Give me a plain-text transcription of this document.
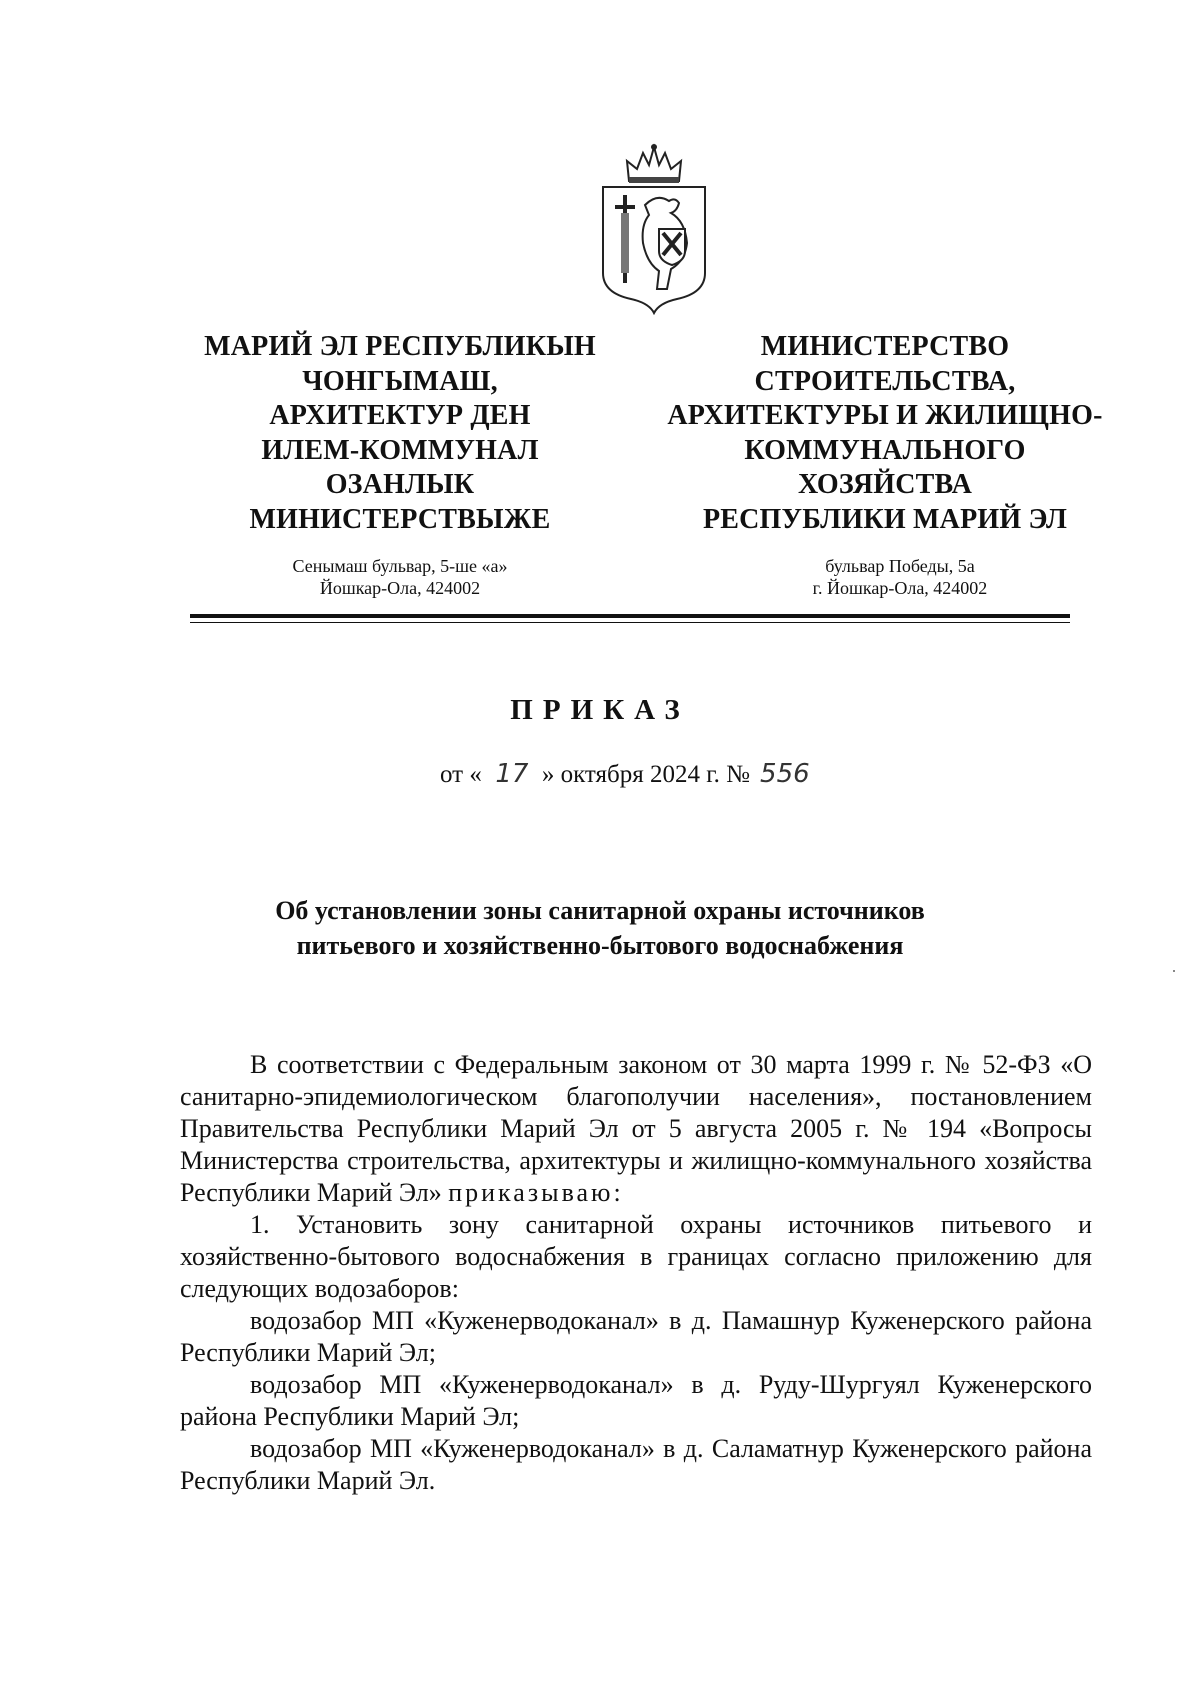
МАРИЙ ЭЛ РЕСПУБЛИКЫН
ЧОНГЫМАШ,
АРХИТЕКТУР ДЕН
ИЛЕМ-КОММУНАЛ
ОЗАНЛЫК
МИНИСТЕРСТВЫЖЕ
МИНИСТЕРСТВО
СТРОИТЕЛЬСТВА,
АРХИТЕКТУРЫ И ЖИЛИЩНО-
КОММУНАЛЬНОГО
ХОЗЯЙСТВА
РЕСПУБЛИКИ МАРИЙ ЭЛ
Сенымаш бульвар, 5-ше «а»
Йошкар-Ола, 424002
бульвар Победы, 5а
г. Йошкар-Ола, 424002
ПРИКАЗ
от « 17 » октября 2024 г. № 556
Об установлении зоны санитарной охраны источников
питьевого и хозяйственно-бытового водоснабжения

В соответствии с Федеральным законом от 30 марта 1999 г. № 52-ФЗ «О санитарно-эпидемиологическом благополучии населения», постановлением Правительства Республики Марий Эл от 5 августа 2005 г. № 194 «Вопросы Министерства строительства, архитектуры и жилищно-коммунального хозяйства Республики Марий Эл» приказываю:

1. Установить зону санитарной охраны источников питьевого и хозяйственно-бытового водоснабжения в границах согласно приложению для следующих водозаборов:

водозабор МП «Куженерводоканал» в д. Памашнур Куженерского района Республики Марий Эл;

водозабор МП «Куженерводоканал» в д. Руду-Шургуял Куженерского района Республики Марий Эл;

водозабор МП «Куженерводоканал» в д. Саламатнур Куженерского района Республики Марий Эл.
